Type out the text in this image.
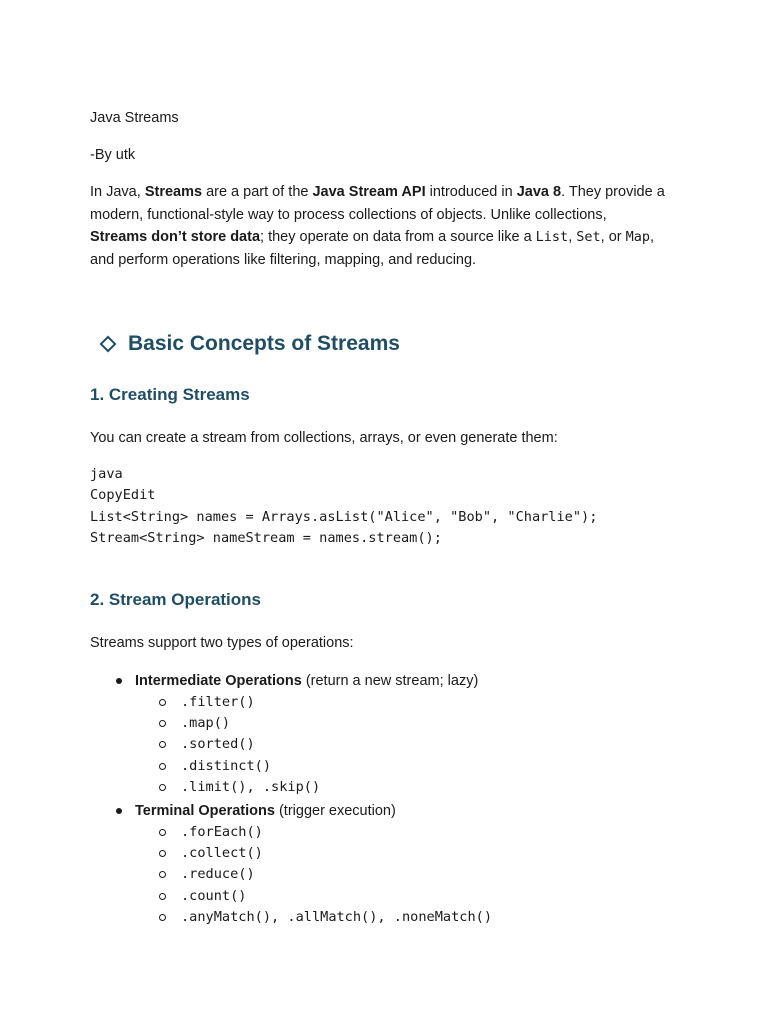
Java Streams

-By utk

In Java, Streams are a part of the Java Stream API introduced in Java 8. They provide a modern, functional-style way to process collections of objects. Unlike collections, Streams don’t store data; they operate on data from a source like a List, Set, or Map, and perform operations like filtering, mapping, and reducing.

Basic Concepts of Streams
1. Creating Streams

You can create a stream from collections, arrays, or even generate them:

java
CopyEdit
List<String> names = Arrays.asList("Alice", "Bob", "Charlie");
Stream<String> nameStream = names.stream();
2. Stream Operations

Streams support two types of operations:

Intermediate Operations (return a new stream; lazy)
.filter()
.map()
.sorted()
.distinct()
.limit(), .skip()
Terminal Operations (trigger execution)
.forEach()
.collect()
.reduce()
.count()
.anyMatch(), .allMatch(), .noneMatch()
